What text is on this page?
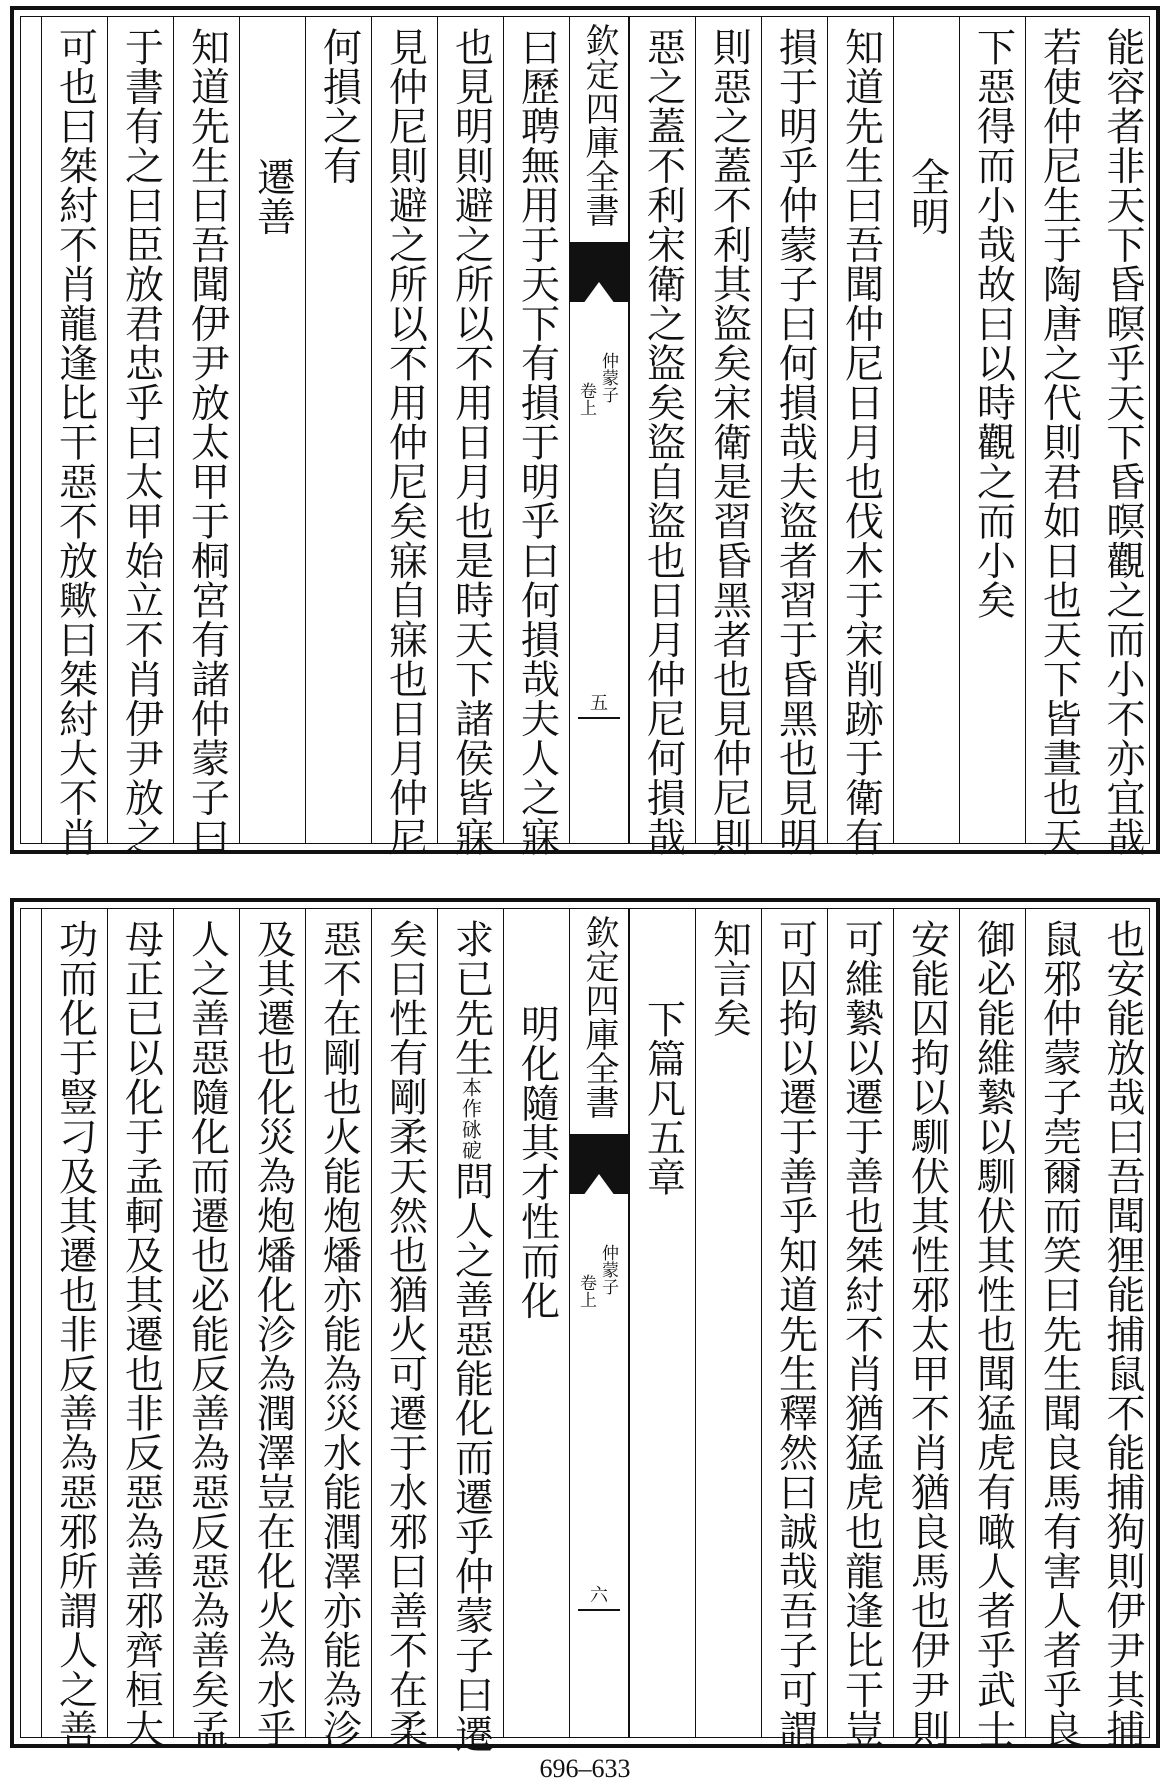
能容者非天下昏暝乎天下昏暝觀之而小不亦宜哉
若使仲尼生于陶唐之代則君如日也天下皆晝也天
下惡得而小哉故曰以時觀之而小矣
全明
知道先生曰吾聞仲尼日月也伐木于宋削跡于衛有
損于明乎仲蒙子曰何損哉夫盜者習于昏黑也見明
則惡之蓋不利其盜矣宋衛是習昏黑者也見仲尼則
惡之蓋不利宋衛之盜矣盜自盜也日月仲尼何損哉
欽定四庫全書
仲蒙子
卷上
五
曰歷聘無用于天下有損于明乎曰何損哉夫人之寐
也見明則避之所以不用日月也是時天下諸侯皆寐
見仲尼則避之所以不用仲尼矣寐自寐也日月仲尼
何損之有
遷善
知道先生曰吾聞伊尹放太甲于桐宮有諸仲蒙子曰
于書有之曰臣放君忠乎曰太甲始立不肖伊尹放之
可也曰桀紂不肖龍逢比干惡不放歟曰桀紂大不肖
也安能放哉曰吾聞狸能捕鼠不能捕狗則伊尹其捕
鼠邪仲蒙子莞爾而笑曰先生聞良馬有害人者乎良
御必能維縶以馴伏其性也聞猛虎有噉人者乎武士
安能囚拘以馴伏其性邪太甲不肖猶良馬也伊尹則
可維縶以遷于善也桀紂不肖猶猛虎也龍逢比干豈
可囚拘以遷于善乎知道先生釋然曰誠哉吾子可謂
知言矣
下篇凡五章
欽定四庫全書
仲蒙子
卷上
六
明化隨其才性而化
求已先生本作砯砨問人之善惡能化而遷乎仲蒙子曰遷
矣曰性有剛柔天然也猶火可遷于水邪曰善不在柔
惡不在剛也火能炮燔亦能為災水能潤澤亦能為沴
及其遷也化災為炮燔化沴為潤澤豈在化火為水乎
人之善惡隨化而遷也必能反善為惡反惡為善矣孟
母正已以化于孟軻及其遷也非反惡為善邪齊桓大
功而化于豎刁及其遷也非反善為惡邪所謂人之善
696–633
